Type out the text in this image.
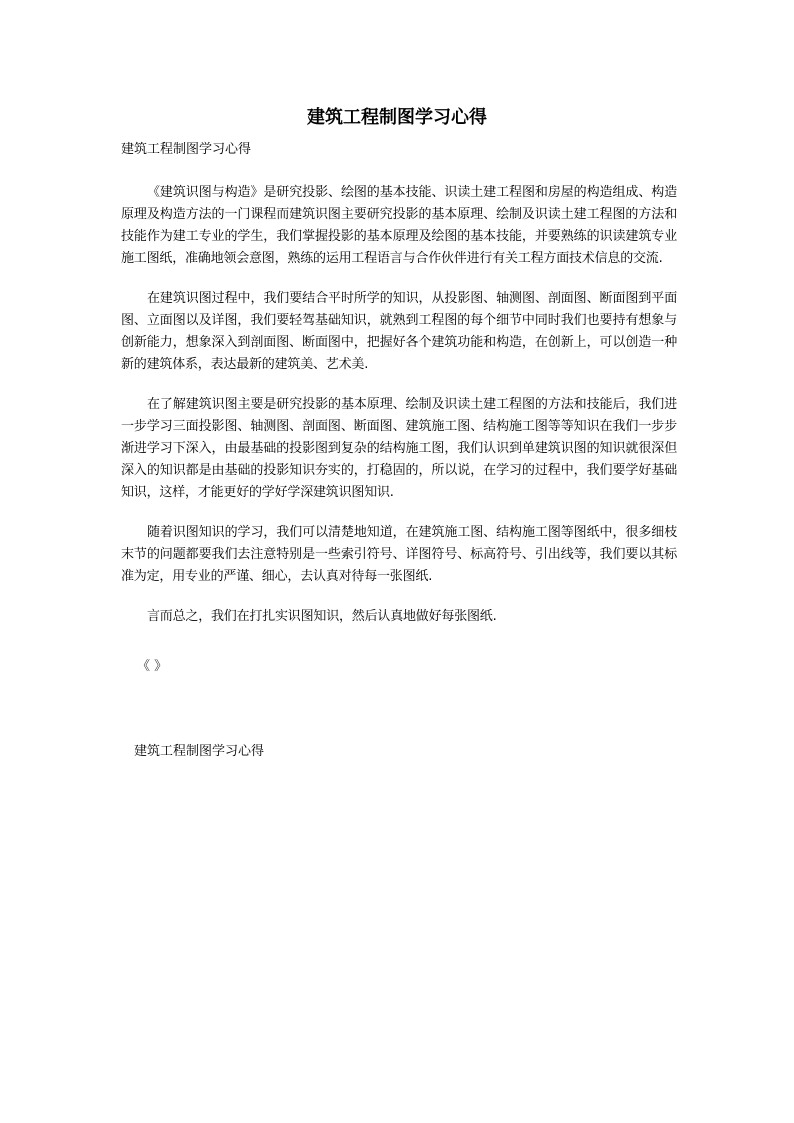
建筑工程制图学习心得

建筑工程制图学习心得

《建筑识图与构造》是研究投影、绘图的基本技能、识读土建工程图和房屋的构造组成、构造原理及构造方法的一门课程而建筑识图主要研究投影的基本原理、绘制及识读土建工程图的方法和技能作为建工专业的学生，我们掌握投影的基本原理及绘图的基本技能，并要熟练的识读建筑专业施工图纸，准确地领会意图，熟练的运用工程语言与合作伙伴进行有关工程方面技术信息的交流.

在建筑识图过程中，我们要结合平时所学的知识，从投影图、轴测图、剖面图、断面图到平面图、立面图以及详图，我们要轻驾基础知识，就熟到工程图的每个细节中同时我们也要持有想象与创新能力，想象深入到剖面图、断面图中，把握好各个建筑功能和构造，在创新上，可以创造一种新的建筑体系，表达最新的建筑美、艺术美.

在了解建筑识图主要是研究投影的基本原理、绘制及识读土建工程图的方法和技能后，我们进一步学习三面投影图、轴测图、剖面图、断面图、建筑施工图、结构施工图等等知识在我们一步步渐进学习下深入，由最基础的投影图到复杂的结构施工图，我们认识到单建筑识图的知识就很深但深入的知识都是由基础的投影知识夯实的，打稳固的，所以说，在学习的过程中，我们要学好基础知识，这样，才能更好的学好学深建筑识图知识.

随着识图知识的学习，我们可以清楚地知道，在建筑施工图、结构施工图等图纸中，很多细枝末节的问题都要我们去注意特别是一些索引符号、详图符号、标高符号、引出线等，我们要以其标准为定，用专业的严谨、细心，去认真对待每一张图纸.

言而总之，我们在打扎实识图知识，然后认真地做好每张图纸.

《 》

建筑工程制图学习心得
